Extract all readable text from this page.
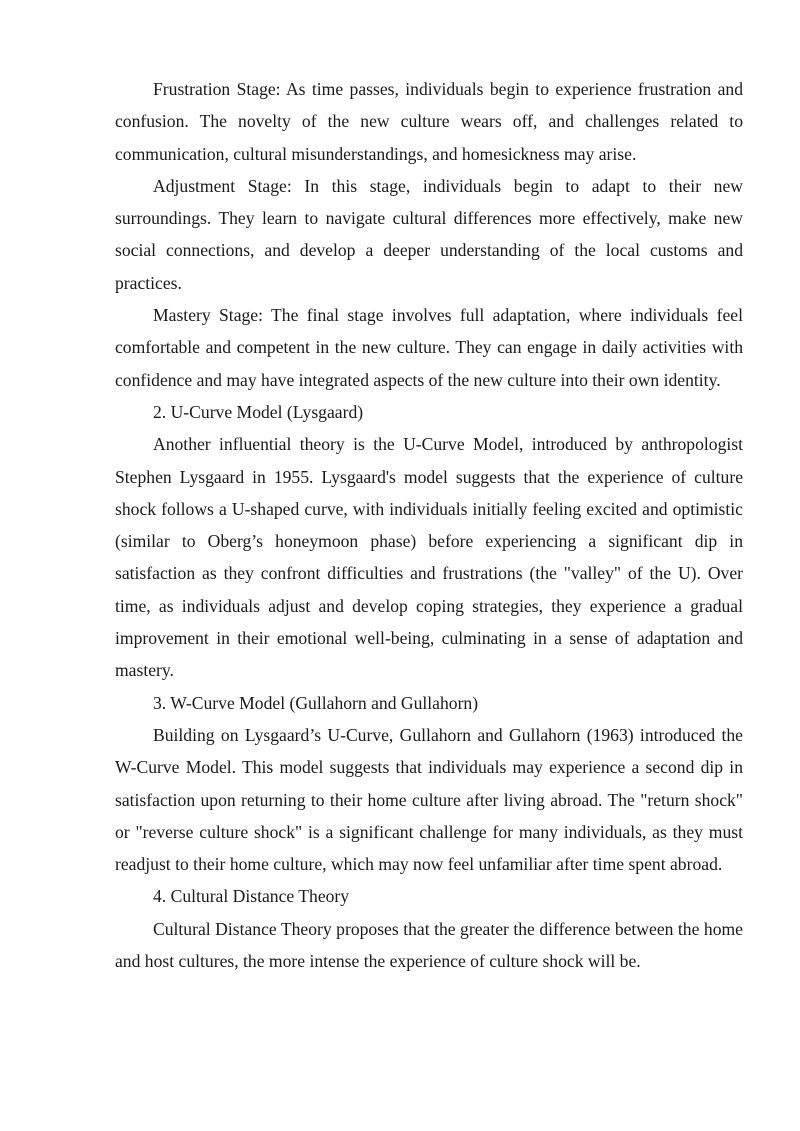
Frustration Stage: As time passes, individuals begin to experience frustration and confusion. The novelty of the new culture wears off, and challenges related to communication, cultural misunderstandings, and homesickness may arise.

Adjustment Stage: In this stage, individuals begin to adapt to their new surroundings. They learn to navigate cultural differences more effectively, make new social connections, and develop a deeper understanding of the local customs and practices.

Mastery Stage: The final stage involves full adaptation, where individuals feel comfortable and competent in the new culture. They can engage in daily activities with confidence and may have integrated aspects of the new culture into their own identity.

2. U-Curve Model (Lysgaard)

Another influential theory is the U-Curve Model, introduced by anthropologist Stephen Lysgaard in 1955. Lysgaard's model suggests that the experience of culture shock follows a U-shaped curve, with individuals initially feeling excited and optimistic (similar to Oberg’s honeymoon phase) before experiencing a significant dip in satisfaction as they confront difficulties and frustrations (the "valley" of the U). Over time, as individuals adjust and develop coping strategies, they experience a gradual improvement in their emotional well-being, culminating in a sense of adaptation and mastery.

3. W-Curve Model (Gullahorn and Gullahorn)

Building on Lysgaard’s U-Curve, Gullahorn and Gullahorn (1963) introduced the W-Curve Model. This model suggests that individuals may experience a second dip in satisfaction upon returning to their home culture after living abroad. The "return shock" or "reverse culture shock" is a significant challenge for many individuals, as they must readjust to their home culture, which may now feel unfamiliar after time spent abroad.

4. Cultural Distance Theory

Cultural Distance Theory proposes that the greater the difference between the home and host cultures, the more intense the experience of culture shock will be.
